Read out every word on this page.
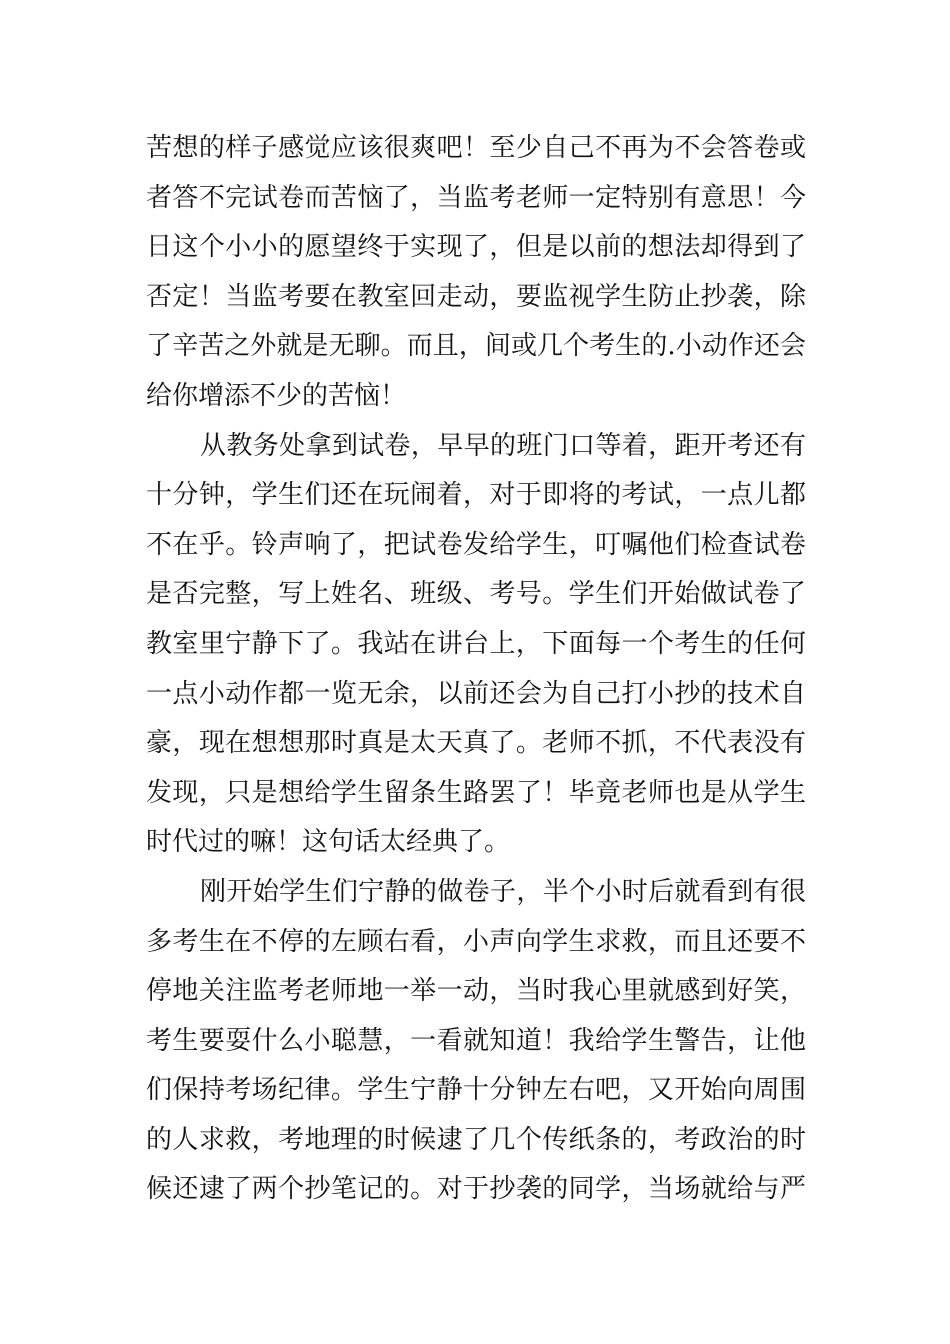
苦想的样子感觉应该很爽吧！至少自己不再为不会答卷或
者答不完试卷而苦恼了，当监考老师一定特别有意思！今
日这个小小的愿望终于实现了，但是以前的想法却得到了
否定！当监考要在教室回走动，要监视学生防止抄袭，除
了辛苦之外就是无聊。而且，间或几个考生的.小动作还会
给你增添不少的苦恼！
从教务处拿到试卷，早早的班门口等着，距开考还有
十分钟，学生们还在玩闹着，对于即将的考试，一点儿都
不在乎。铃声响了，把试卷发给学生，叮嘱他们检查试卷
是否完整，写上姓名、班级、考号。学生们开始做试卷了
教室里宁静下了。我站在讲台上，下面每一个考生的任何
一点小动作都一览无余，以前还会为自己打小抄的技术自
豪，现在想想那时真是太天真了。老师不抓，不代表没有
发现，只是想给学生留条生路罢了！毕竟老师也是从学生
时代过的嘛！这句话太经典了。
刚开始学生们宁静的做卷子，半个小时后就看到有很
多考生在不停的左顾右看，小声向学生求救，而且还要不
停地关注监考老师地一举一动，当时我心里就感到好笑，
考生要耍什么小聪慧，一看就知道！我给学生警告，让他
们保持考场纪律。学生宁静十分钟左右吧，又开始向周围
的人求救，考地理的时候逮了几个传纸条的，考政治的时
候还逮了两个抄笔记的。对于抄袭的同学，当场就给与严
